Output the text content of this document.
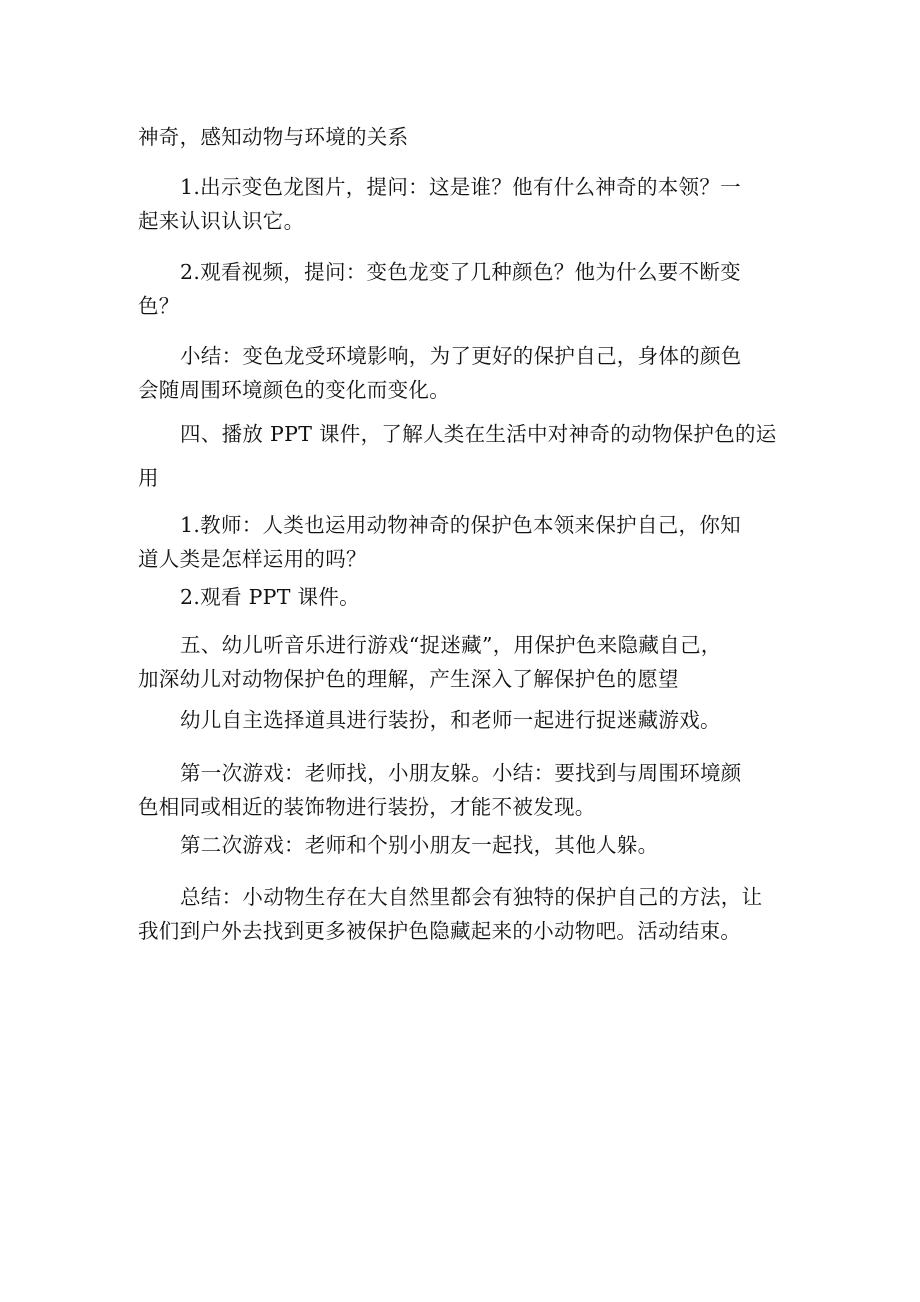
神奇，感知动物与环境的关系

1.出示变色龙图片，提问：这是谁？他有什么神奇的本领？一
起来认识认识它。

2.观看视频，提问：变色龙变了几种颜色？他为什么要不断变
色？

小结：变色龙受环境影响，为了更好的保护自己，身体的颜色
会随周围环境颜色的变化而变化。

四、播放 PPT 课件，了解人类在生活中对神奇的动物保护色的运
用

1.教师：人类也运用动物神奇的保护色本领来保护自己，你知
道人类是怎样运用的吗？

2.观看 PPT 课件。

五、幼儿听音乐进行游戏“捉迷藏”，用保护色来隐藏自己，
加深幼儿对动物保护色的理解，产生深入了解保护色的愿望

幼儿自主选择道具进行装扮，和老师一起进行捉迷藏游戏。

第一次游戏：老师找，小朋友躲。小结：要找到与周围环境颜
色相同或相近的装饰物进行装扮，才能不被发现。

第二次游戏：老师和个别小朋友一起找，其他人躲。

总结：小动物生存在大自然里都会有独特的保护自己的方法，让
我们到户外去找到更多被保护色隐藏起来的小动物吧。活动结束。
